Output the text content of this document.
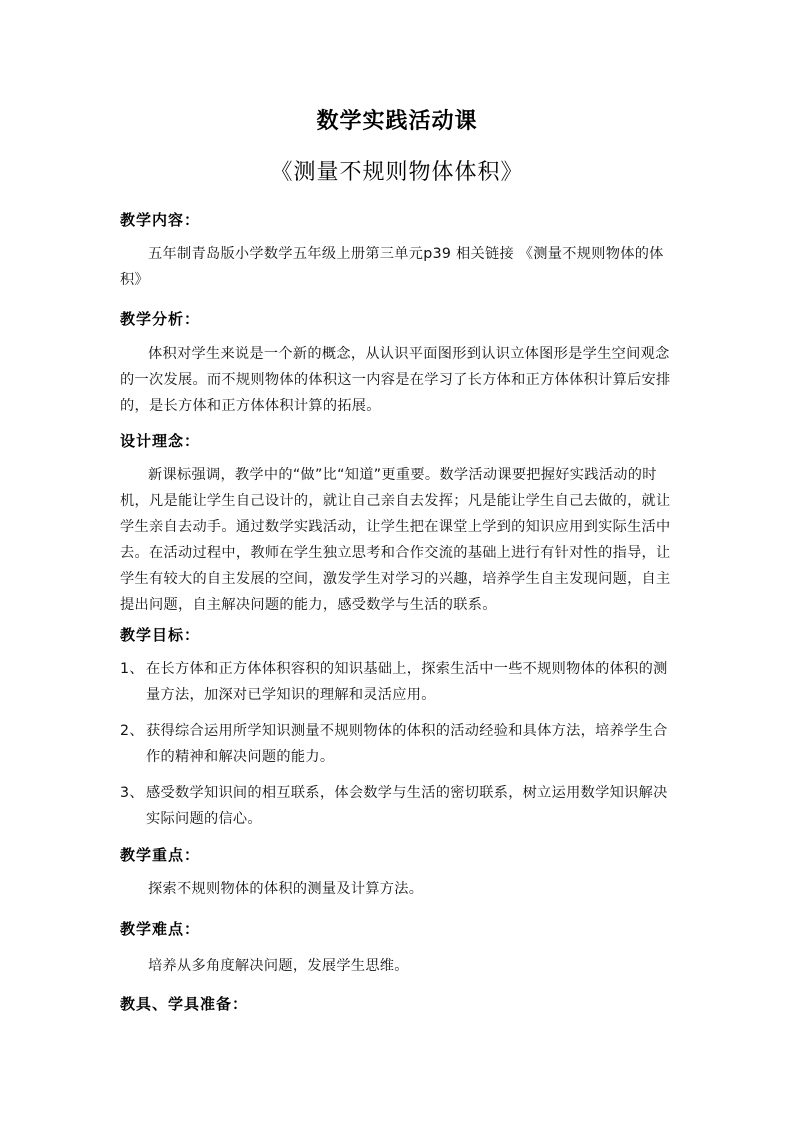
数学实践活动课
《测量不规则物体体积》
教学内容：
五年制青岛版小学数学五年级上册第三单元p39 相关链接 《测量不规则物体的体积》
教学分析：
体积对学生来说是一个新的概念，从认识平面图形到认识立体图形是学生空间观念的一次发展。而不规则物体的体积这一内容是在学习了长方体和正方体体积计算后安排的，是长方体和正方体体积计算的拓展。
设计理念：
新课标强调，教学中的“做”比“知道”更重要。数学活动课要把握好实践活动的时机，凡是能让学生自己设计的，就让自己亲自去发挥；凡是能让学生自己去做的，就让学生亲自去动手。通过数学实践活动，让学生把在课堂上学到的知识应用到实际生活中去。在活动过程中，教师在学生独立思考和合作交流的基础上进行有针对性的指导，让学生有较大的自主发展的空间，激发学生对学习的兴趣，培养学生自主发现问题，自主提出问题，自主解决问题的能力，感受数学与生活的联系。
教学目标：
1、 在长方体和正方体体积容积的知识基础上，探索生活中一些不规则物体的体积的测量方法，加深对已学知识的理解和灵活应用。
2、 获得综合运用所学知识测量不规则物体的体积的活动经验和具体方法，培养学生合作的精神和解决问题的能力。
3、 感受数学知识间的相互联系，体会数学与生活的密切联系，树立运用数学知识解决实际问题的信心。
教学重点：
探索不规则物体的体积的测量及计算方法。
教学难点：
培养从多角度解决问题，发展学生思维。
教具、学具准备：
